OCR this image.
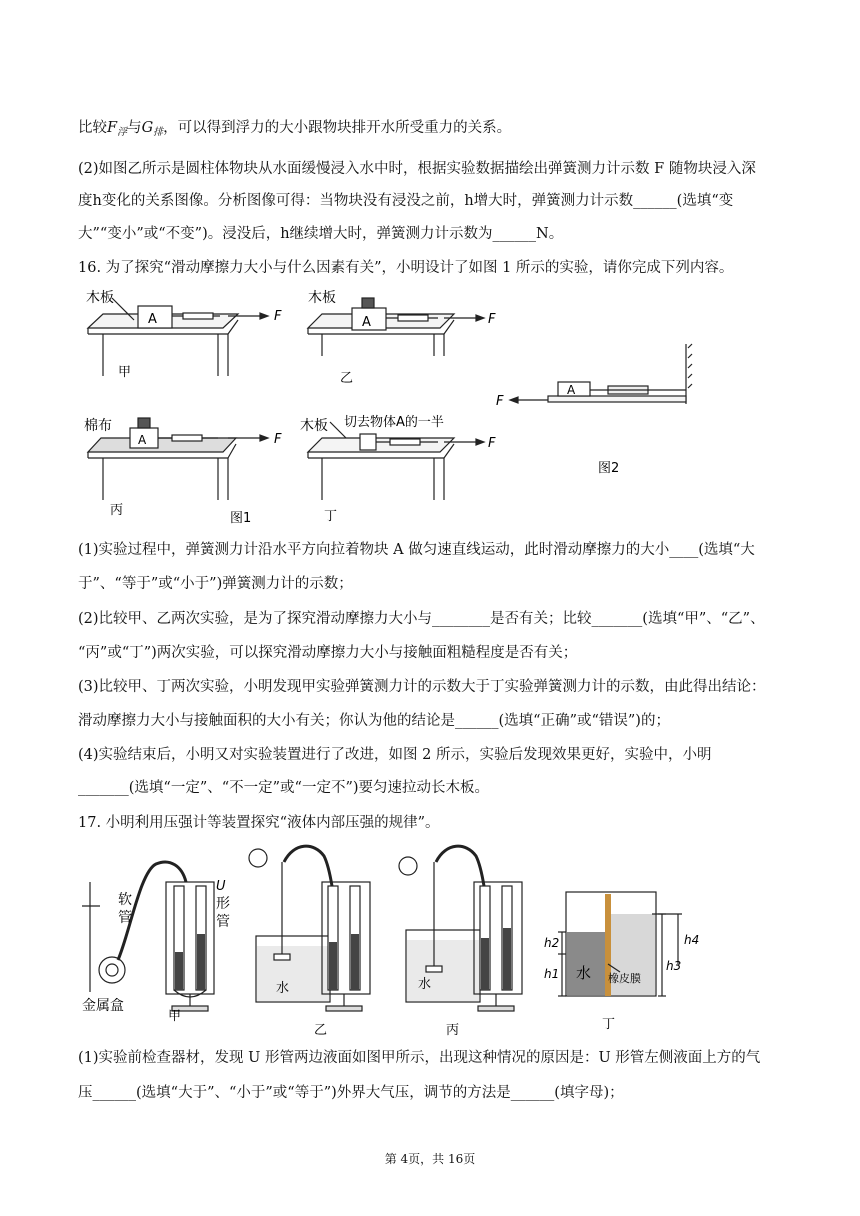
比较$F_浮$与$G_排$，可以得到浮力的大小跟物块排开水所受重力的关系。
(2)如图乙所示是圆柱体物块从水面缓慢浸入水中时，根据实验数据描绘出弹簧测力计示数 F 随物块浸入深
度h变化的关系图像。分析图像可得：当物块没有浸没之前，h增大时，弹簧测力计示数______(选填“变
大”“变小”或“不变”)。浸没后，h继续增大时，弹簧测力计示数为______N。
16. 为了探究“滑动摩擦力大小与什么因素有关”，小明设计了如图 1 所示的实验，请你完成下列内容。
木板
A	F
甲
木板
A	F
乙
A
F
图2
棉布
A	F
丙
图1
木板 切去物体A的一半
F
丁
(1)实验过程中，弹簧测力计沿水平方向拉着物块 A 做匀速直线运动，此时滑动摩擦力的大小____(选填“大
于”、“等于”或“小于”)弹簧测力计的示数；
(2)比较甲、乙两次实验，是为了探究滑动摩擦力大小与________是否有关；比较_______(选填“甲”、“乙”、
“丙”或“丁”)两次实验，可以探究滑动摩擦力大小与接触面粗糙程度是否有关；
(3)比较甲、丁两次实验，小明发现甲实验弹簧测力计的示数大于丁实验弹簧测力计的示数，由此得出结论：
滑动摩擦力大小与接触面积的大小有关；你认为他的结论是______(选填“正确”或“错误”)的；
(4)实验结束后，小明又对实验装置进行了改进，如图 2 所示，实验后发现效果更好，实验中，小明
_______(选填“一定”、“不一定”或“一定不”)要匀速拉动长木板。
17. 小明利用压强计等装置探究“液体内部压强的规律”。
软
管
U
形
管
金属盒
甲
水
乙
水
丙
水 橡皮膜
h1
h2
h3
h4
丁
(1)实验前检查器材，发现 U 形管两边液面如图甲所示，出现这种情况的原因是：U 形管左侧液面上方的气
压______(选填“大于”、“小于”或“等于”)外界大气压，调节的方法是______(填字母)；
第 4页，共 16页
